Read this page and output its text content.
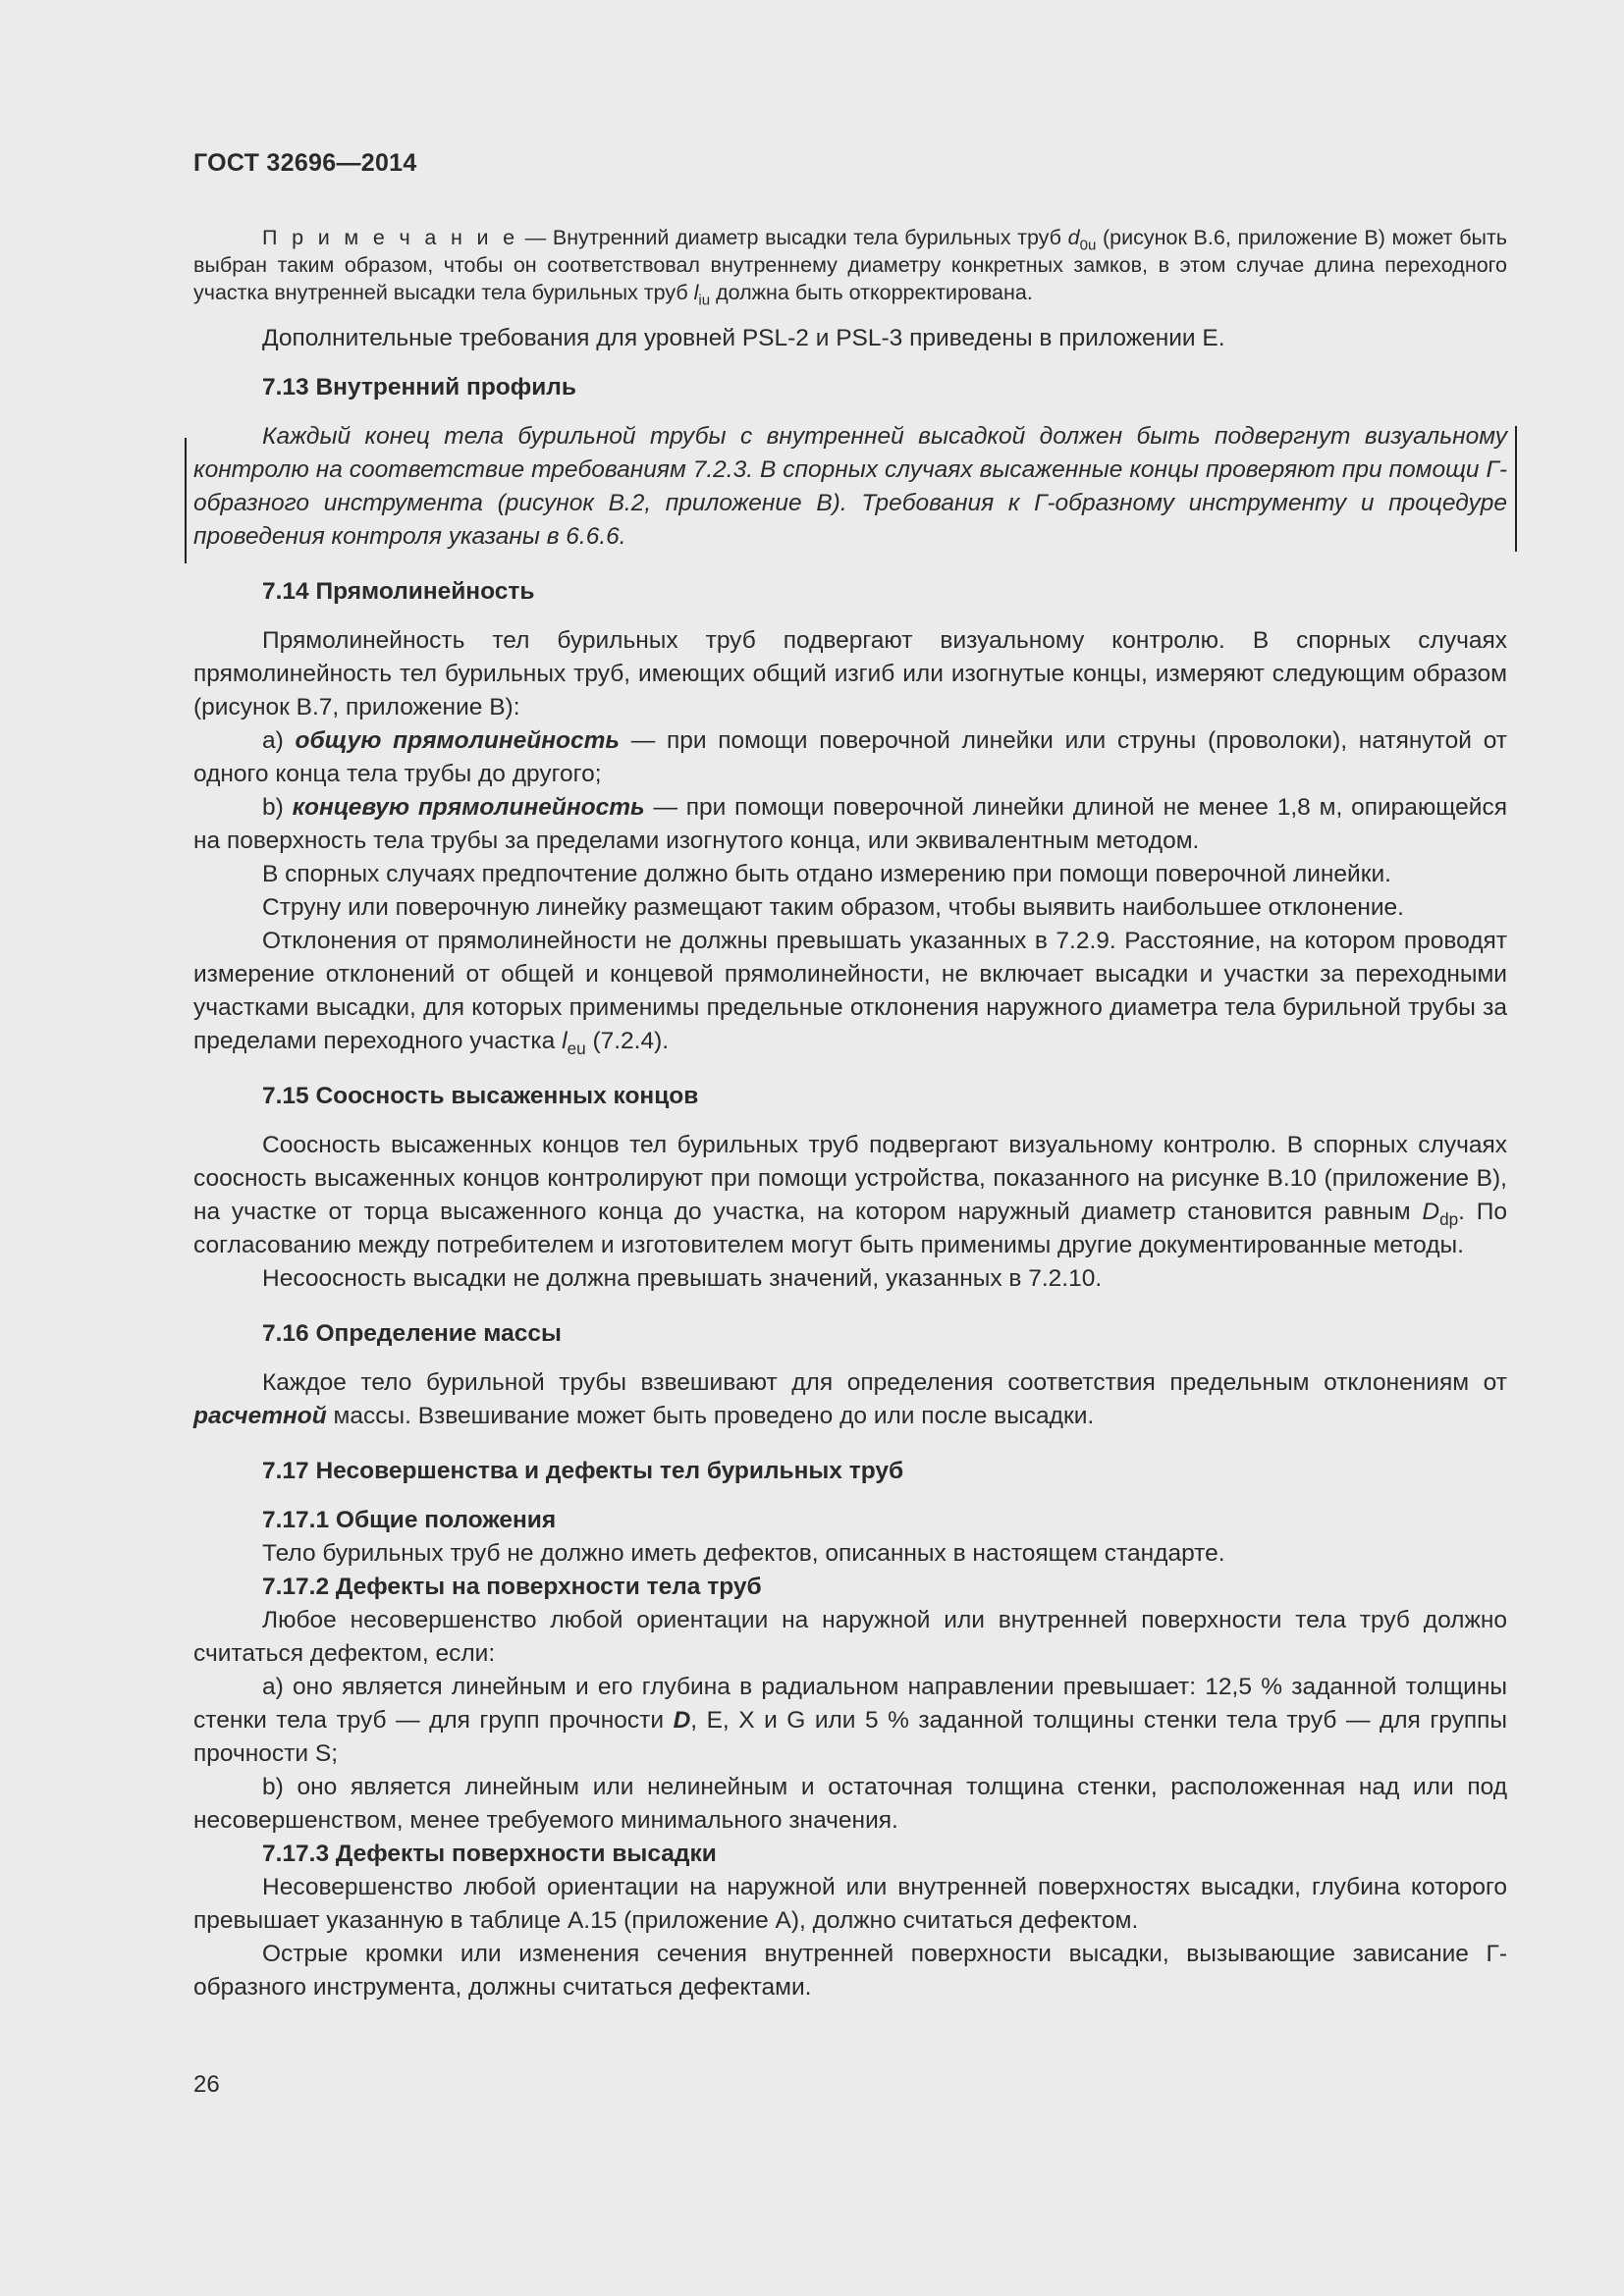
ГОСТ 32696—2014

П р и м е ч а н и е — Внутренний диаметр высадки тела бурильных труб $d_{0u}$ (рисунок В.6, приложение В) может быть выбран таким образом, чтобы он соответствовал внутреннему диаметру конкретных замков, в этом случае длина переходного участка внутренней высадки тела бурильных труб $l_{iu}$ должна быть откорректирована.

Дополнительные требования для уровней PSL-2 и PSL-3 приведены в приложении Е.

7.13 Внутренний профиль

Каждый конец тела бурильной трубы с внутренней высадкой должен быть подвергнут визуальному контролю на соответствие требованиям 7.2.3. В спорных случаях высаженные концы проверяют при помощи Г-образного инструмента (рисунок В.2, приложение В). Требования к Г-образному инструменту и процедуре проведения контроля указаны в 6.6.6.

7.14 Прямолинейность

Прямолинейность тел бурильных труб подвергают визуальному контролю. В спорных случаях прямолинейность тел бурильных труб, имеющих общий изгиб или изогнутые концы, измеряют следующим образом (рисунок В.7, приложение В):

а) общую прямолинейность — при помощи поверочной линейки или струны (проволоки), натянутой от одного конца тела трубы до другого;

b) концевую прямолинейность — при помощи поверочной линейки длиной не менее 1,8 м, опирающейся на поверхность тела трубы за пределами изогнутого конца, или эквивалентным методом.

В спорных случаях предпочтение должно быть отдано измерению при помощи поверочной линейки.

Струну или поверочную линейку размещают таким образом, чтобы выявить наибольшее отклонение.

Отклонения от прямолинейности не должны превышать указанных в 7.2.9. Расстояние, на котором проводят измерение отклонений от общей и концевой прямолинейности, не включает высадки и участки за переходными участками высадки, для которых применимы предельные отклонения наружного диаметра тела бурильной трубы за пределами переходного участка $l_{eu}$ (7.2.4).

7.15 Соосность высаженных концов

Соосность высаженных концов тел бурильных труб подвергают визуальному контролю. В спорных случаях соосность высаженных концов контролируют при помощи устройства, показанного на рисунке В.10 (приложение В), на участке от торца высаженного конца до участка, на котором наружный диаметр становится равным $D_{dp}$. По согласованию между потребителем и изготовителем могут быть применимы другие документированные методы.

Несоосность высадки не должна превышать значений, указанных в 7.2.10.

7.16 Определение массы

Каждое тело бурильной трубы взвешивают для определения соответствия предельным отклонениям от расчетной массы. Взвешивание может быть проведено до или после высадки.

7.17 Несовершенства и дефекты тел бурильных труб
7.17.1 Общие положения

Тело бурильных труб не должно иметь дефектов, описанных в настоящем стандарте.

7.17.2 Дефекты на поверхности тела труб

Любое несовершенство любой ориентации на наружной или внутренней поверхности тела труб должно считаться дефектом, если:

а) оно является линейным и его глубина в радиальном направлении превышает: 12,5 % заданной толщины стенки тела труб — для групп прочности D, Е, X и G или 5 % заданной толщины стенки тела труб — для группы прочности S;

b) оно является линейным или нелинейным и остаточная толщина стенки, расположенная над или под несовершенством, менее требуемого минимального значения.

7.17.3 Дефекты поверхности высадки

Несовершенство любой ориентации на наружной или внутренней поверхностях высадки, глубина которого превышает указанную в таблице А.15 (приложение А), должно считаться дефектом.

Острые кромки или изменения сечения внутренней поверхности высадки, вызывающие зависание Г-образного инструмента, должны считаться дефектами.

26
